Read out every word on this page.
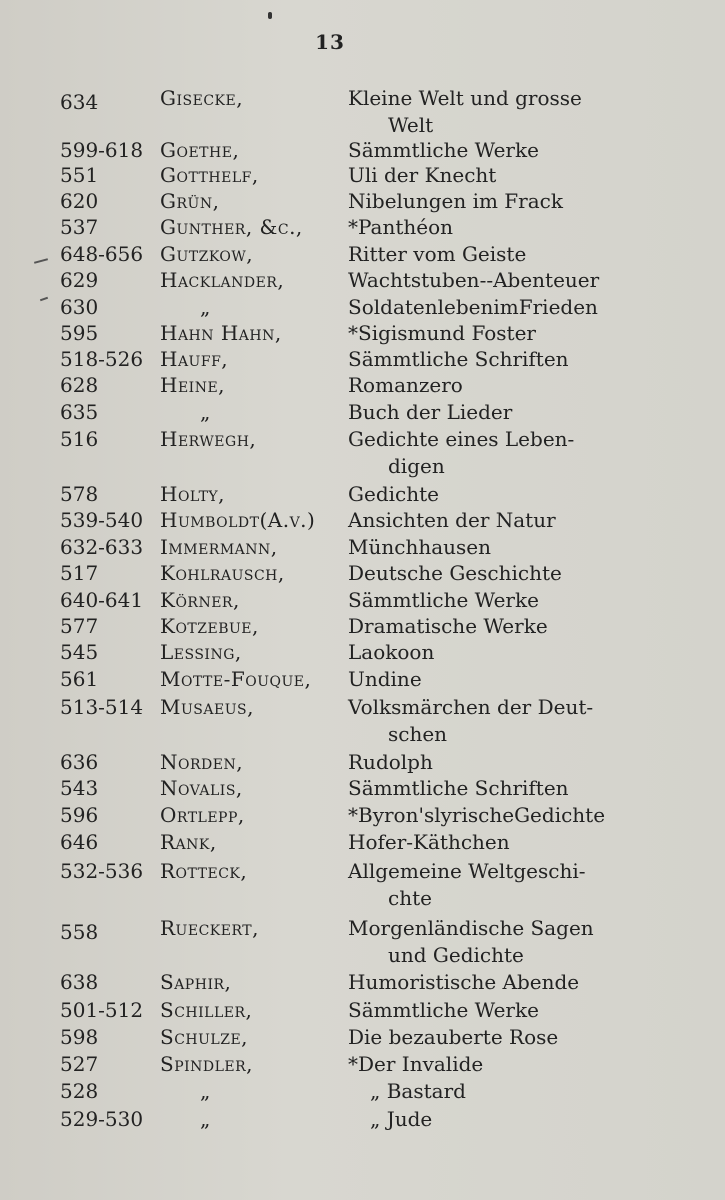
13
634	Gisecke,	Kleine Welt und grosse
Welt
599-618 Goethe,	Sämmtliche Werke
551	Gotthelf,	Uli der Knecht
620	Grün,	Nibelungen im Frack
537	Gunther, &c., *Panthéon
648-656 Gutzkow,	Ritter vom Geiste
629	Hacklander,	Wachtstuben--Abenteuer
630	„	SoldatenlebenimFrieden
595	Hahn Hahn,	*Sigismund Foster
518-526 Hauff,	Sämmtliche Schriften
628	Heine,	Romanzero
635	„	Buch der Lieder
516	Herwegh,	Gedichte eines Leben-
digen
578	Holty,	Gedichte
539-540 Humboldt(A.v.) Ansichten der Natur
632-633 Immermann,	Münchhausen
517	Kohlrausch,	Deutsche Geschichte
640-641 Körner,	Sämmtliche Werke
577	Kotzebue,	Dramatische Werke
545	Lessing,	Laokoon
561	Motte-Fouque, Undine
513-514 Musaeus,	Volksmärchen der Deut-
schen
636	Norden,	Rudolph
543	Novalis,	Sämmtliche Schriften
596	Ortlepp,	*Byron'slyrischeGedichte
646	Rank,	Hofer-Käthchen
532-536 Rotteck,	Allgemeine Weltgeschi-
chte
558	Rueckert,	Morgenländische Sagen
und Gedichte
638	Saphir,	Humoristische Abende
501-512 Schiller,	Sämmtliche Werke
598	Schulze,	Die bezauberte Rose
527	Spindler,	*Der Invalide
528	„	„ Bastard
529-530	„	„ Jude
